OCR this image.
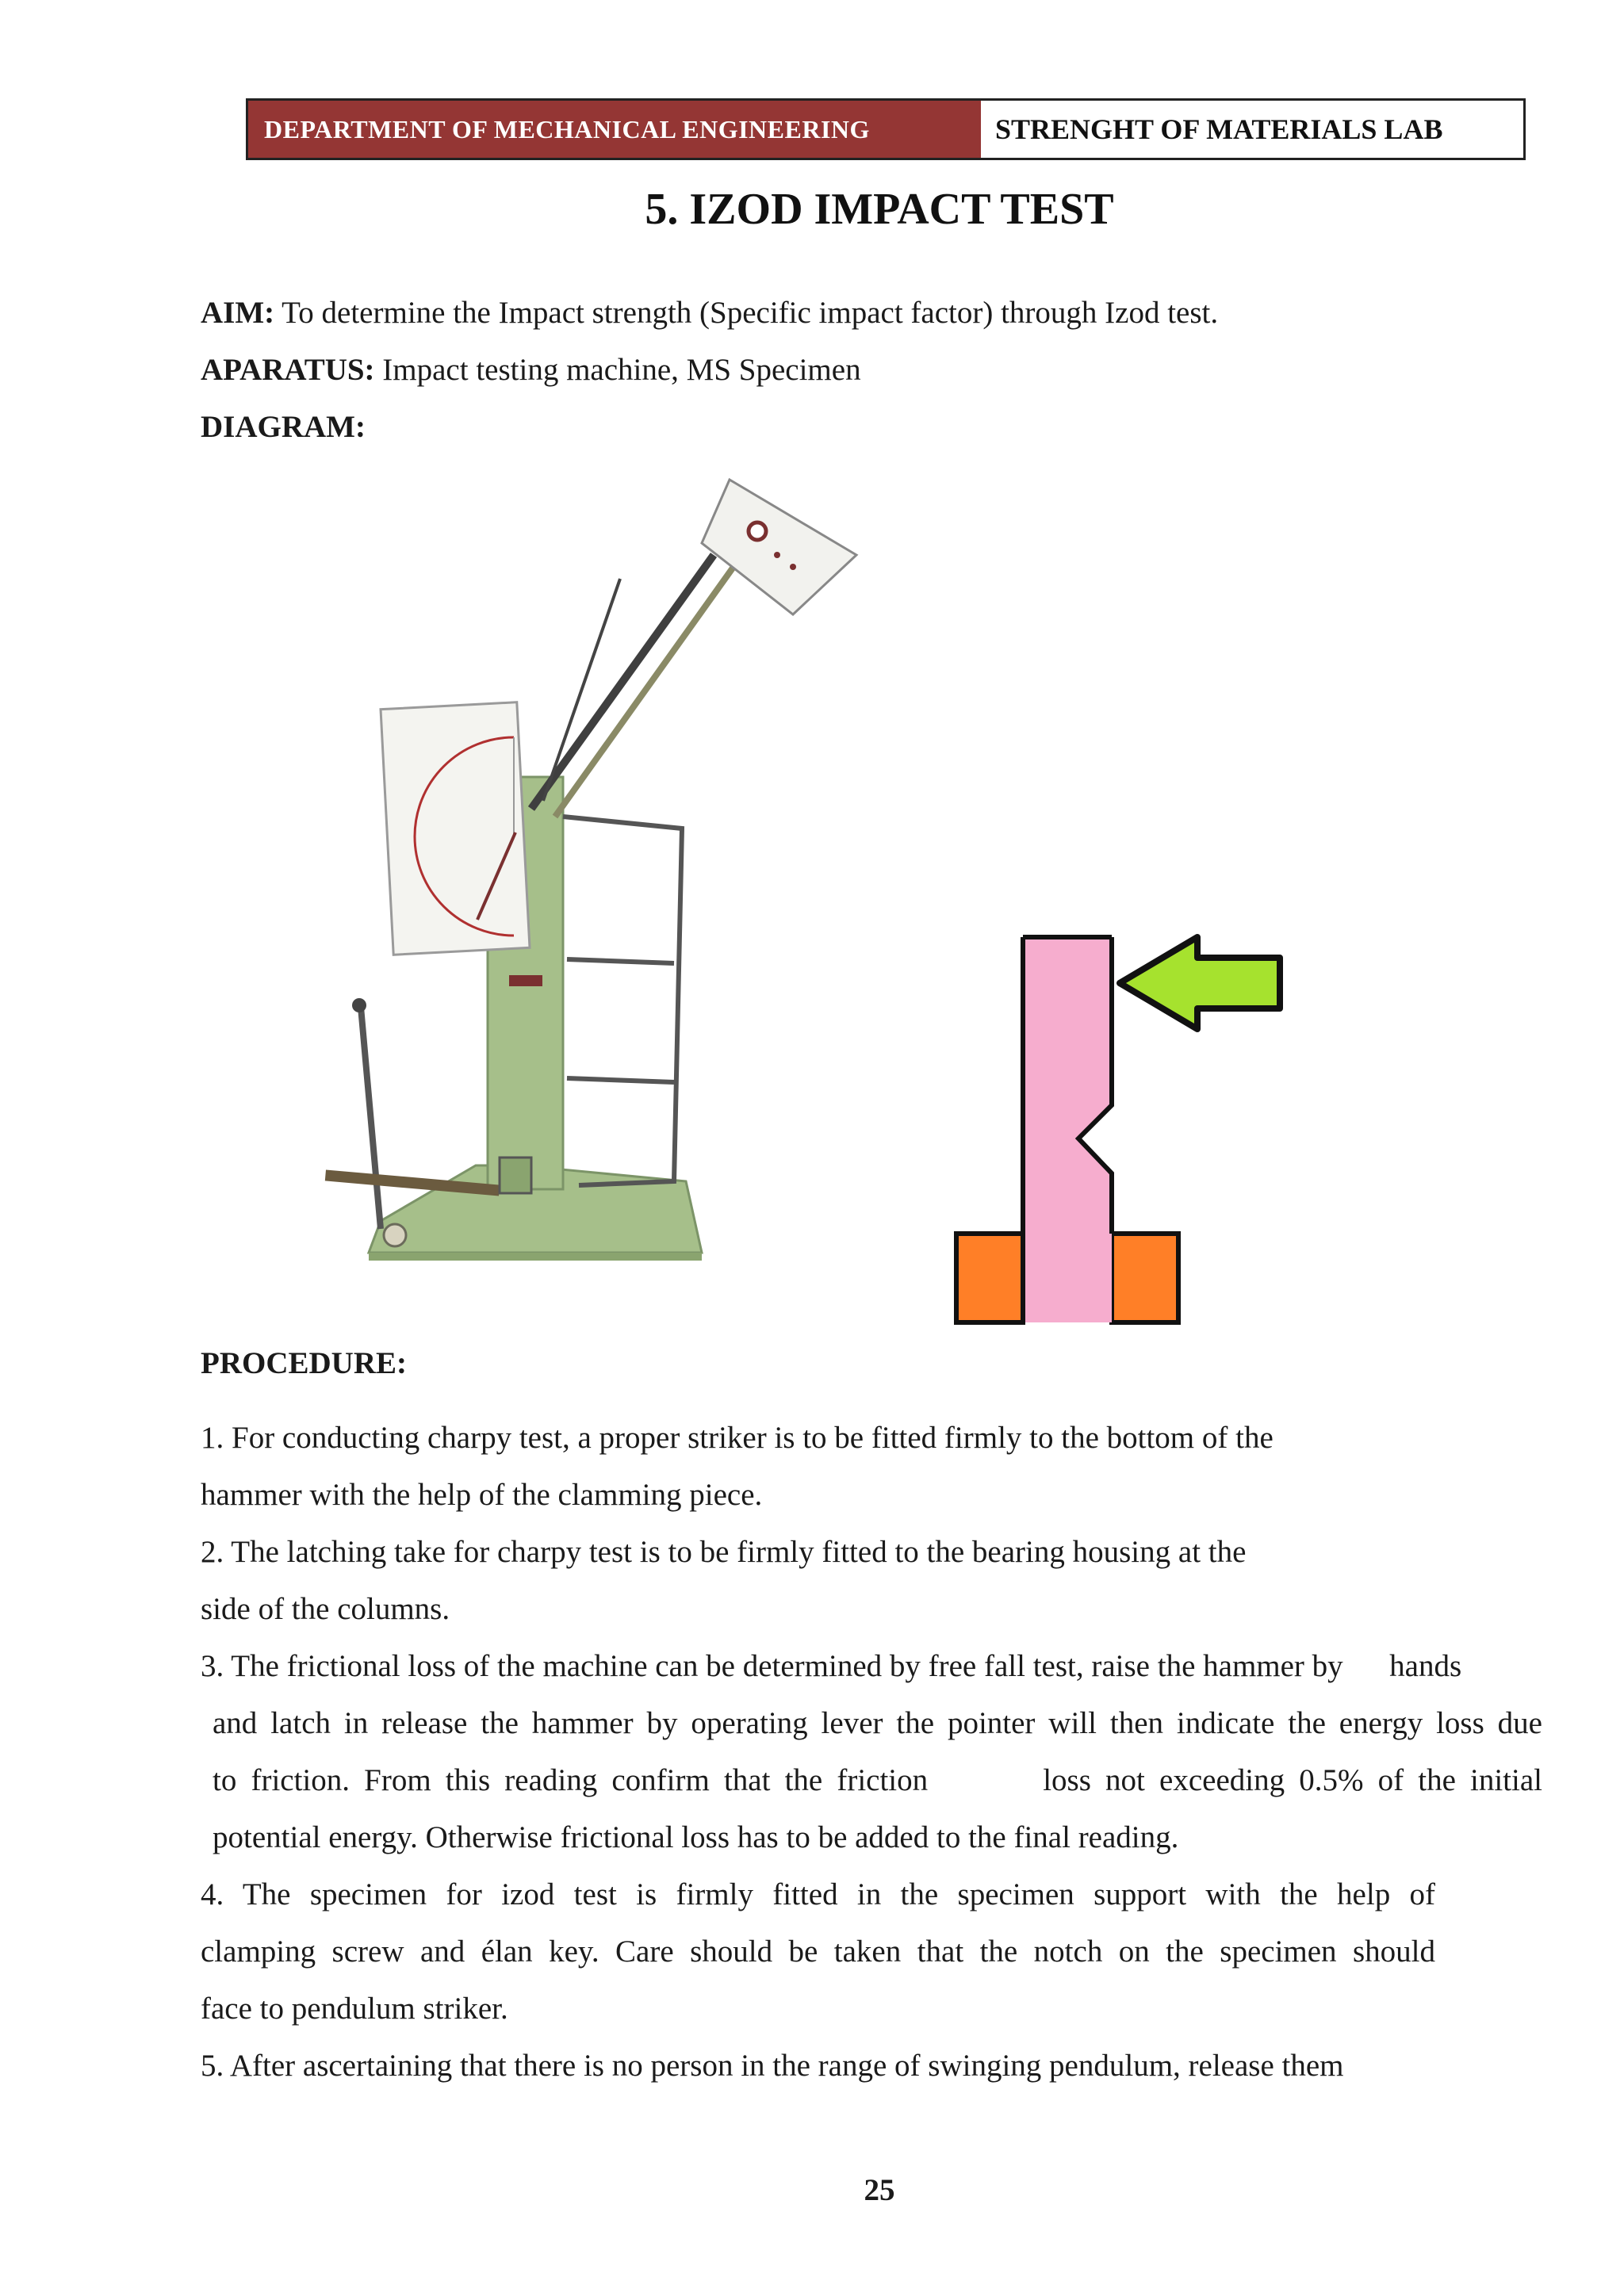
DEPARTMENT OF MECHANICAL ENGINEERING	STRENGHT OF MATERIALS LAB
5. IZOD IMPACT TEST
AIM: To determine the Impact strength (Specific impact factor) through Izod test.
APARATUS: Impact testing machine, MS Specimen
DIAGRAM:
PROCEDURE:

1. For conducting charpy test, a proper striker is to be fitted firmly to the bottom of the

hammer with the help of the clamming piece.

2. The latching take for charpy test is to be firmly fitted to the bearing housing at the

side of the columns.

3. The frictional loss of the machine can be determined by free fall test, raise the hammer by      hands

and latch in release the hammer by operating lever the pointer will then indicate the energy loss due

to friction. From this reading confirm that the friction        loss not exceeding 0.5% of the initial

potential energy. Otherwise frictional loss has to be added to the final reading.

4. The specimen for izod test is firmly fitted in the specimen support with the help of

clamping screw and élan key. Care should be taken that the notch on the specimen should

face to pendulum striker.

5. After ascertaining that there is no person in the range of swinging pendulum, release them

25
